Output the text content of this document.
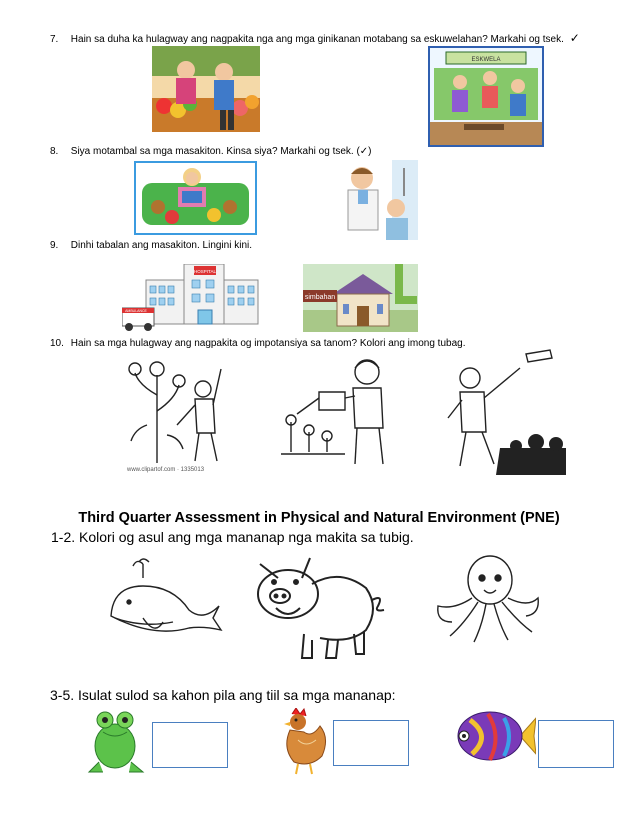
7. Hain sa duha ka hulagway ang nagpakita nga ang mga ginikanan motabang sa eskuwelahan? Markahi og tsek. ✓
ESKWELA
8. Siya motambal sa mga masakiton. Kinsa siya? Markahi og tsek. (✓)
9. Dinhi tabalan ang masakiton. Lingini kini.
HOSPITAL
AMBULANCE
simbahan
10. Hain sa mga hulagway ang nagpakita og impotansiya sa tanom? Kolori ang imong tubag.
www.clipartof.com · 1335013
Third Quarter Assessment in Physical and Natural Environment (PNE)
1-2. Kolori og asul ang mga mananap nga makita sa tubig.
3-5. Isulat sulod sa kahon pila ang tiil sa mga mananap:
